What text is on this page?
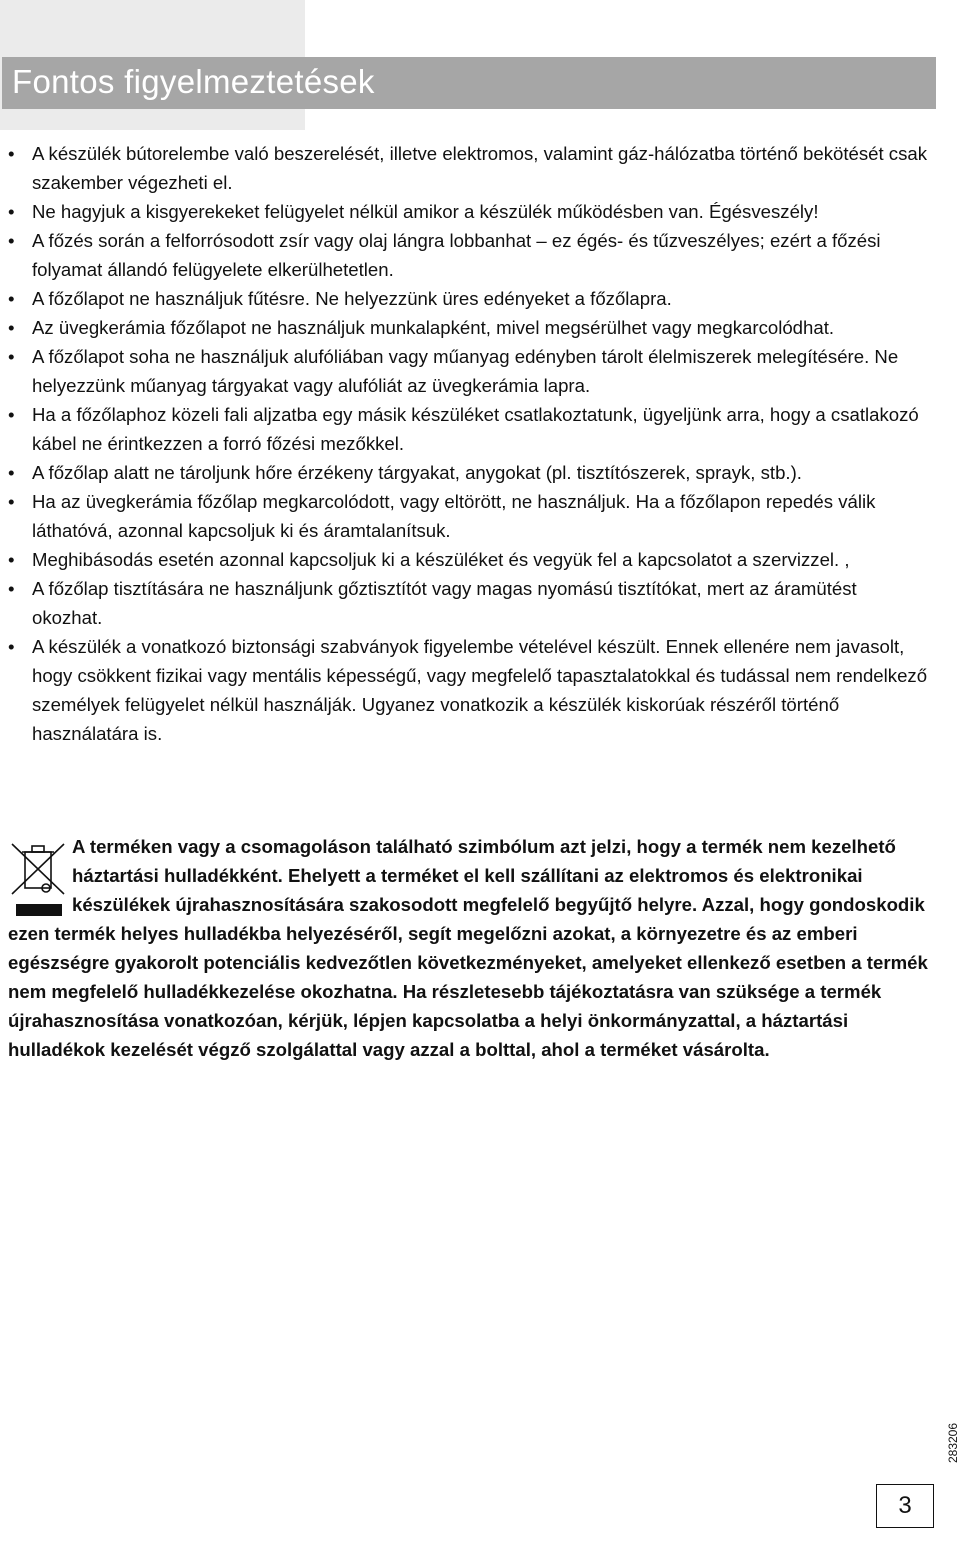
Fontos figyelmeztetések
• A készülék bútorelembe való beszerelését, illetve elektromos, valamint gáz-hálózatba történő bekötését csak szakember végezheti el.
• Ne hagyjuk a kisgyerekeket felügyelet nélkül amikor a készülék működésben van. Égésveszély!
• A főzés során a felforrósodott zsír vagy olaj lángra lobbanhat – ez égés- és tűzveszélyes; ezért a főzési folyamat állandó felügyelete elkerülhetetlen.
• A főzőlapot ne használjuk fűtésre. Ne helyezzünk üres edényeket a főzőlapra.
• Az üvegkerámia főzőlapot ne használjuk munkalapként, mivel megsérülhet vagy megkarcolódhat.
• A főzőlapot soha ne használjuk alufóliában vagy műanyag edényben tárolt élelmiszerek melegítésére. Ne helyezzünk műanyag tárgyakat vagy alufóliát az üvegkerámia lapra.
• Ha a főzőlaphoz közeli fali aljzatba egy másik készüléket csatlakoztatunk, ügyeljünk arra, hogy a csatlakozó kábel ne érintkezzen a forró főzési mezőkkel.
• A főzőlap alatt ne tároljunk hőre érzékeny tárgyakat, anygokat (pl. tisztítószerek, sprayk, stb.).
• Ha az üvegkerámia főzőlap megkarcolódott, vagy eltörött, ne használjuk. Ha a főzőlapon repedés válik láthatóvá, azonnal kapcsoljuk ki és áramtalanítsuk.
• Meghibásodás esetén azonnal kapcsoljuk ki a készüléket és vegyük fel a kapcsolatot a szervizzel. ,
• A főzőlap tisztítására ne használjunk gőztisztítót vagy magas nyomású tisztítókat, mert az áramütést okozhat.
• A készülék a vonatkozó biztonsági szabványok figyelembe vételével készült. Ennek ellenére nem javasolt, hogy csökkent fizikai vagy mentális képességű, vagy megfelelő tapasztalatokkal és tudással nem rendelkező személyek felügyelet nélkül használják. Ugyanez vonatkozik a készülék kiskorúak részéről történő használatára is.

A terméken vagy a csomagoláson található szimbólum azt jelzi, hogy a termék nem kezelhető háztartási hulladékként. Ehelyett a terméket el kell szállítani az elektromos és elektronikai készülékek újrahasznosítására szakosodott megfelelő begyűjtő helyre. Azzal, hogy gondoskodik ezen termék helyes hulladékba helyezéséről, segít megelőzni azokat, a környezetre és az emberi egészségre gyakorolt potenciális kedvezőtlen következményeket, amelyeket ellenkező esetben a termék nem megfelelő hulladékkezelése okozhatna. Ha részletesebb tájékoztatásra van szüksége a termék újrahasznosítása vonatkozóan, kérjük, lépjen kapcsolatba a helyi önkormányzattal, a háztartási hulladékok kezelését végző szolgálattal vagy azzal a bolttal, ahol a terméket vásárolta.

283206
3
